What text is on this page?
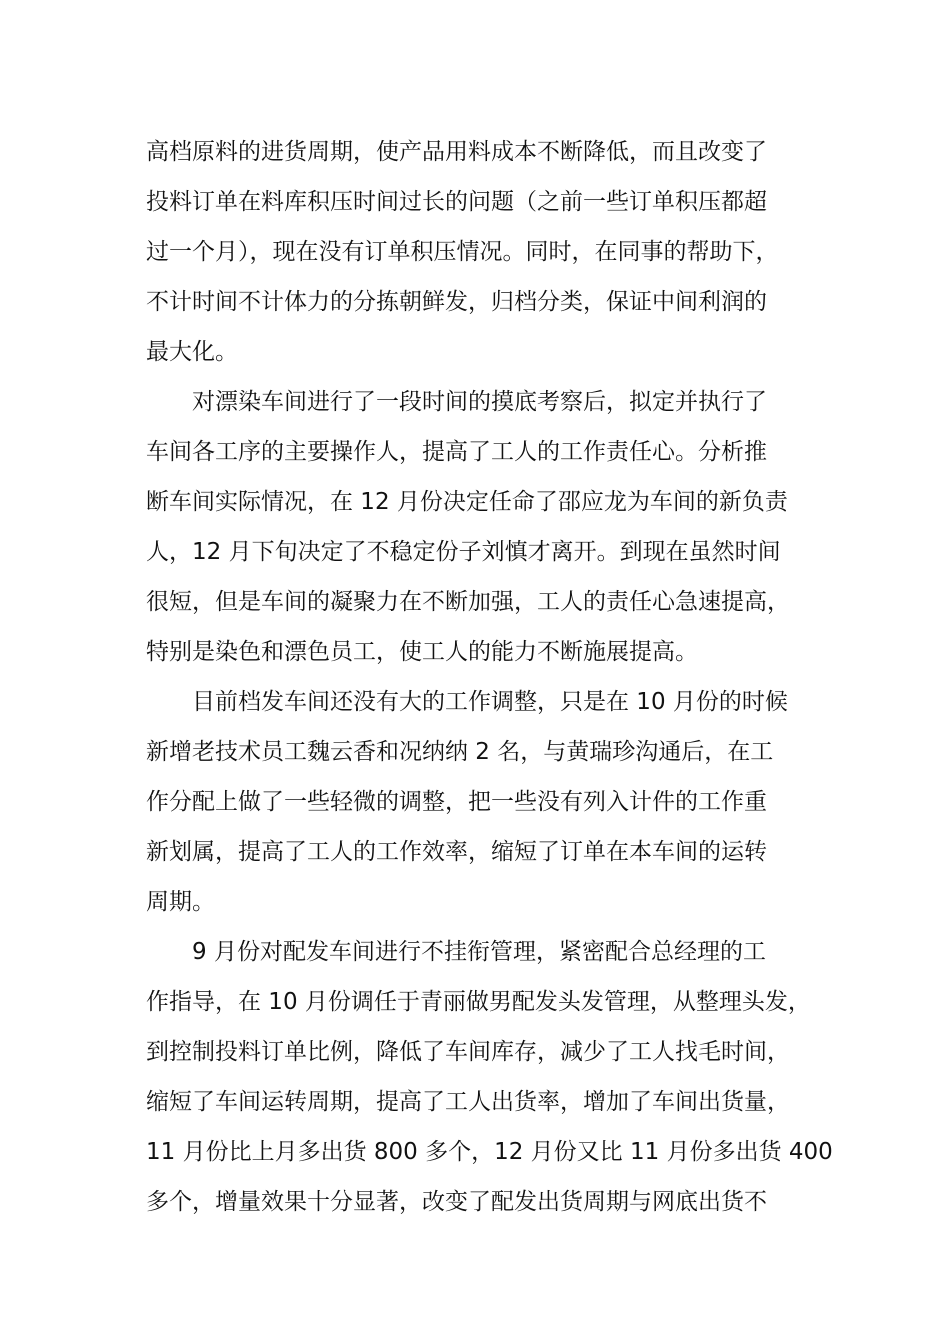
高档原料的进货周期，使产品用料成本不断降低，而且改变了
投料订单在料库积压时间过长的问题（之前一些订单积压都超
过一个月），现在没有订单积压情况。同时，在同事的帮助下，
不计时间不计体力的分拣朝鲜发，归档分类，保证中间利润的
最大化。
对漂染车间进行了一段时间的摸底考察后，拟定并执行了
车间各工序的主要操作人，提高了工人的工作责任心。分析推
断车间实际情况，在 12 月份决定任命了邵应龙为车间的新负责
人，12 月下旬决定了不稳定份子刘慎才离开。到现在虽然时间
很短，但是车间的凝聚力在不断加强，工人的责任心急速提高，
特别是染色和漂色员工，使工人的能力不断施展提高。
目前档发车间还没有大的工作调整，只是在 10 月份的时候
新增老技术员工魏云香和况纳纳 2 名，与黄瑞珍沟通后，在工
作分配上做了一些轻微的调整，把一些没有列入计件的工作重
新划属，提高了工人的工作效率，缩短了订单在本车间的运转
周期。
9 月份对配发车间进行不挂衔管理，紧密配合总经理的工
作指导，在 10 月份调任于青丽做男配发头发管理，从整理头发，
到控制投料订单比例，降低了车间库存，减少了工人找毛时间，
缩短了车间运转周期，提高了工人出货率，增加了车间出货量，
11 月份比上月多出货 800 多个，12 月份又比 11 月份多出货 400
多个，增量效果十分显著，改变了配发出货周期与网底出货不
